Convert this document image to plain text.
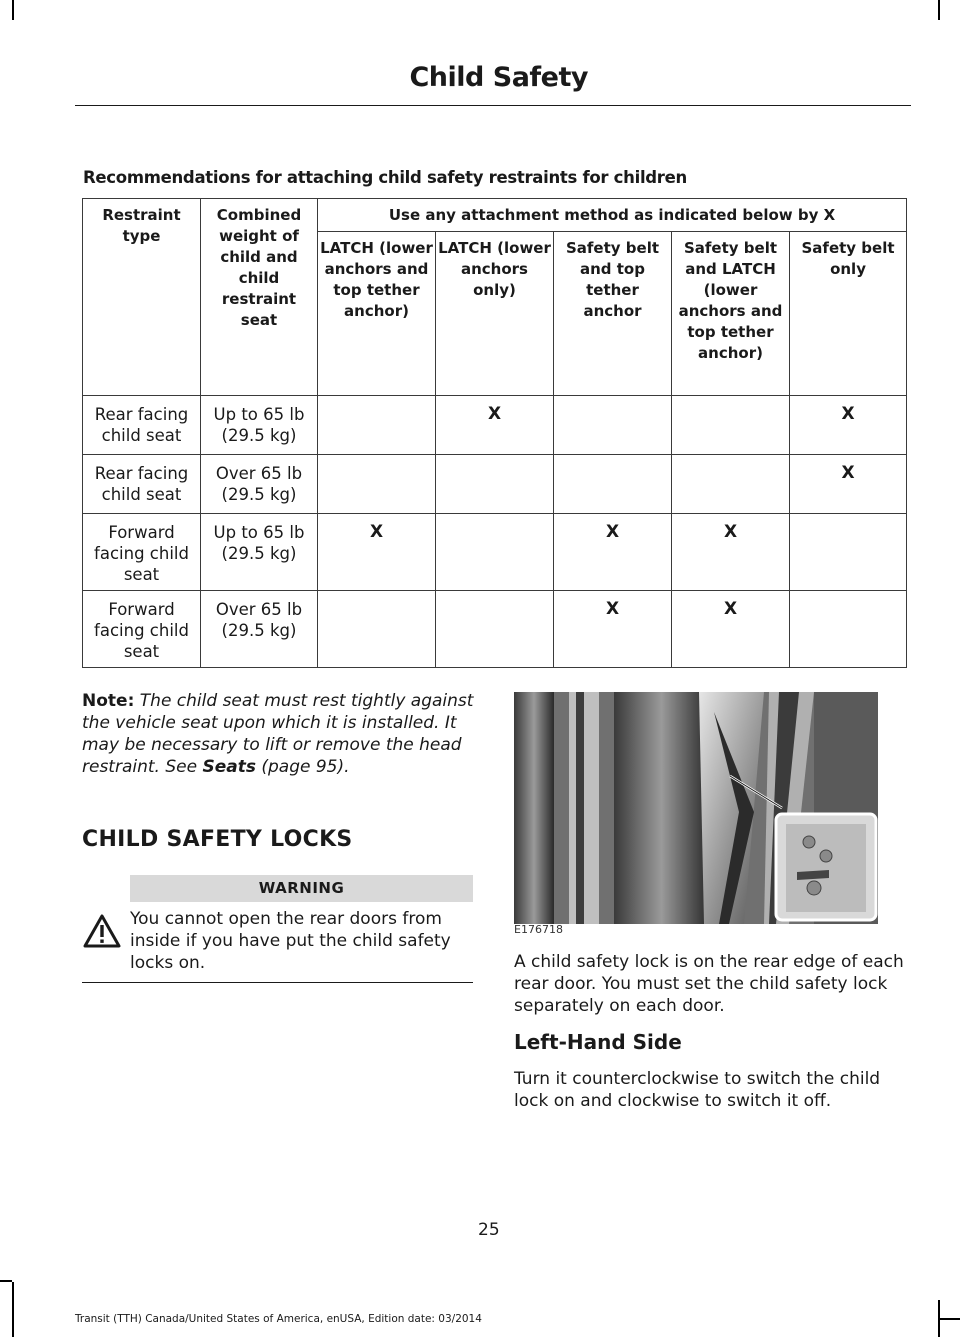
Child Safety
Recommendations for attaching child safety restraints for children
Restraint type	Combined weight of child and child restraint seat	Use any attachment method as indicated below by X				
		LATCH (lower anchors and top tether anchor)	LATCH (lower anchors only)	Safety belt and top tether anchor	Safety belt and LATCH (lower anchors and top tether anchor)	Safety belt only
Rear facing child seat	Up to 65 lb (29.5 kg)		X			X
Rear facing child seat	Over 65 lb (29.5 kg)					X
Forward facing child seat	Up to 65 lb (29.5 kg)	X		X	X	
Forward facing child seat	Over 65 lb (29.5 kg)			X	X	
Note: The child seat must rest tightly against the vehicle seat upon which it is installed. It may be necessary to lift or remove the head restraint. See Seats (page 95).
CHILD SAFETY LOCKS
WARNING
You cannot open the rear doors from inside if you have put the child safety locks on.
E176718
A child safety lock is on the rear edge of each rear door. You must set the child safety lock separately on each door.
Left-Hand Side
Turn it counterclockwise to switch the child lock on and clockwise to switch it off.
25
Transit (TTH) Canada/United States of America, enUSA, Edition date: 03/2014
